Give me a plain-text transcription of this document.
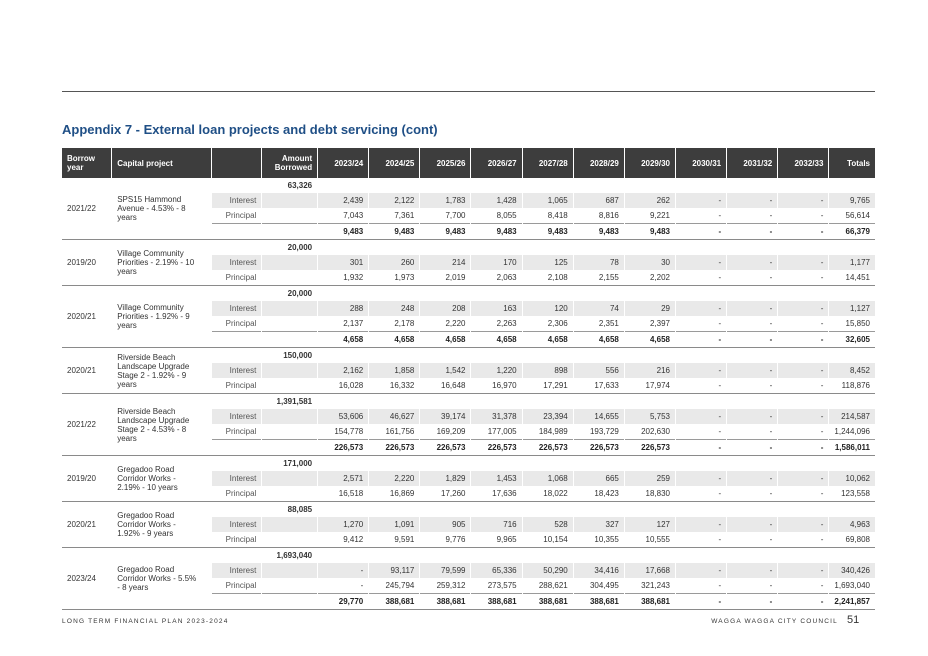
Appendix 7 - External loan projects and debt servicing (cont)
Borrow year	Capital project		Amount Borrowed	2023/24	2024/25	2025/26	2026/27	2027/28	2028/29	2029/30	2030/31	2031/32	2032/33	Totals
2021/22	SPS15 Hammond Avenue - 4.53% - 8 years		63,326											
		Interest		2,439	2,122	1,783	1,428	1,065	687	262	-	-	-	9,765
		Principal		7,043	7,361	7,700	8,055	8,418	8,816	9,221	-	-	-	56,614
				9,483	9,483	9,483	9,483	9,483	9,483	9,483	-	-	-	66,379
2019/20	Village Community Priorities - 2.19% - 10 years		20,000											
		Interest		301	260	214	170	125	78	30	-	-	-	1,177
		Principal		1,932	1,973	2,019	2,063	2,108	2,155	2,202	-	-	-	14,451
2020/21	Village Community Priorities - 1.92% - 9 years		20,000											
		Interest		288	248	208	163	120	74	29	-	-	-	1,127
		Principal		2,137	2,178	2,220	2,263	2,306	2,351	2,397	-	-	-	15,850
				4,658	4,658	4,658	4,658	4,658	4,658	4,658	-	-	-	32,605
2020/21	Riverside Beach Landscape Upgrade Stage 2 - 1.92% - 9 years		150,000											
		Interest		2,162	1,858	1,542	1,220	898	556	216	-	-	-	8,452
		Principal		16,028	16,332	16,648	16,970	17,291	17,633	17,974	-	-	-	118,876
2021/22	Riverside Beach Landscape Upgrade Stage 2 - 4.53% - 8 years		1,391,581											
		Interest		53,606	46,627	39,174	31,378	23,394	14,655	5,753	-	-	-	214,587
		Principal		154,778	161,756	169,209	177,005	184,989	193,729	202,630	-	-	-	1,244,096
				226,573	226,573	226,573	226,573	226,573	226,573	226,573	-	-	-	1,586,011
2019/20	Gregadoo Road Corridor Works - 2.19% - 10 years		171,000											
		Interest		2,571	2,220	1,829	1,453	1,068	665	259	-	-	-	10,062
		Principal		16,518	16,869	17,260	17,636	18,022	18,423	18,830	-	-	-	123,558
2020/21	Gregadoo Road Corridor Works - 1.92% - 9 years		88,085											
		Interest		1,270	1,091	905	716	528	327	127	-	-	-	4,963
		Principal		9,412	9,591	9,776	9,965	10,154	10,355	10,555	-	-	-	69,808
2023/24	Gregadoo Road Corridor Works - 5.5% - 8 years		1,693,040											
		Interest		-	93,117	79,599	65,336	50,290	34,416	17,668	-	-	-	340,426
		Principal		-	245,794	259,312	273,575	288,621	304,495	321,243	-	-	-	1,693,040
				29,770	388,681	388,681	388,681	388,681	388,681	388,681	-	-	-	2,241,857
LONG TERM FINANCIAL PLAN 2023-2024	WAGGA WAGGA CITY COUNCIL 51
